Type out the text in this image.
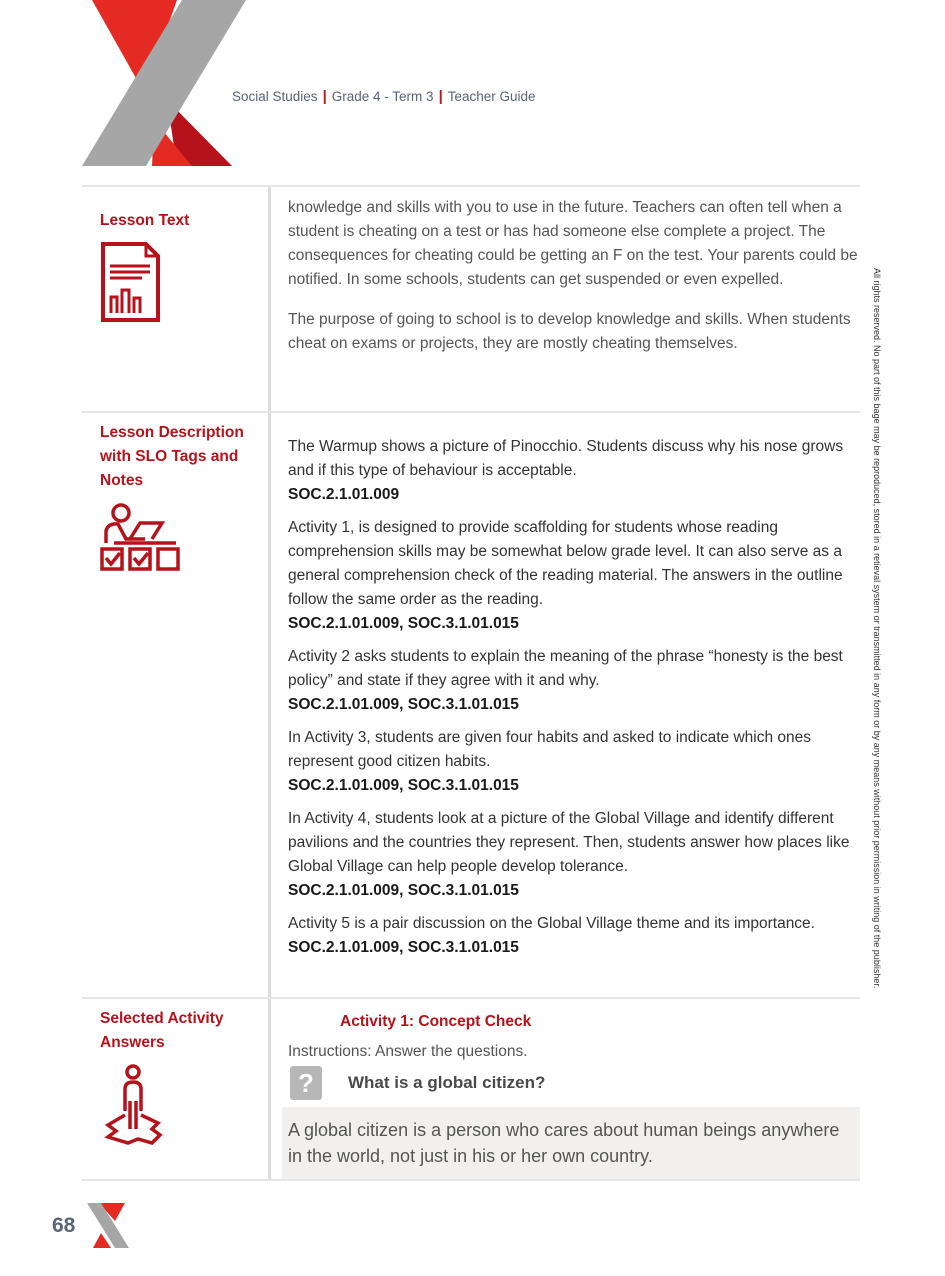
Social Studies | Grade 4 - Term 3 | Teacher Guide
Lesson Text

knowledge and skills with you to use in the future. Teachers can often tell when a student is cheating on a test or has had someone else complete a project. The consequences for cheating could be getting an F on the test. Your parents could be notified. In some schools, students can get suspended or even expelled.

The purpose of going to school is to develop knowledge and skills. When students cheat on exams or projects, they are mostly cheating themselves.

Lesson Description with SLO Tags and Notes
The Warmup shows a picture of Pinocchio. Students discuss why his nose grows and if this type of behaviour is acceptable.
SOC.2.1.01.009
Activity 1, is designed to provide scaffolding for students whose reading comprehension skills may be somewhat below grade level. It can also serve as a general comprehension check of the reading material. The answers in the outline follow the same order as the reading.
SOC.2.1.01.009, SOC.3.1.01.015
Activity 2 asks students to explain the meaning of the phrase “honesty is the best policy” and state if they agree with it and why.
SOC.2.1.01.009, SOC.3.1.01.015
In Activity 3, students are given four habits and asked to indicate which ones represent good citizen habits.
SOC.2.1.01.009, SOC.3.1.01.015
In Activity 4, students look at a picture of the Global Village and identify different pavilions and the countries they represent. Then, students answer how places like Global Village can help people develop tolerance.
SOC.2.1.01.009, SOC.3.1.01.015
Activity 5 is a pair discussion on the Global Village theme and its importance.
SOC.2.1.01.009, SOC.3.1.01.015
Selected Activity Answers
Activity 1: Concept Check
Instructions: Answer the questions.
?	What is a global citizen?
A global citizen is a person who cares about human beings anywhere in the world, not just in his or her own country.
All rights reserved. No part of this bage may be reproduced, stored in a retieval system or transmitted in any form or by any means without prior permission in writing of the publisher.
68
